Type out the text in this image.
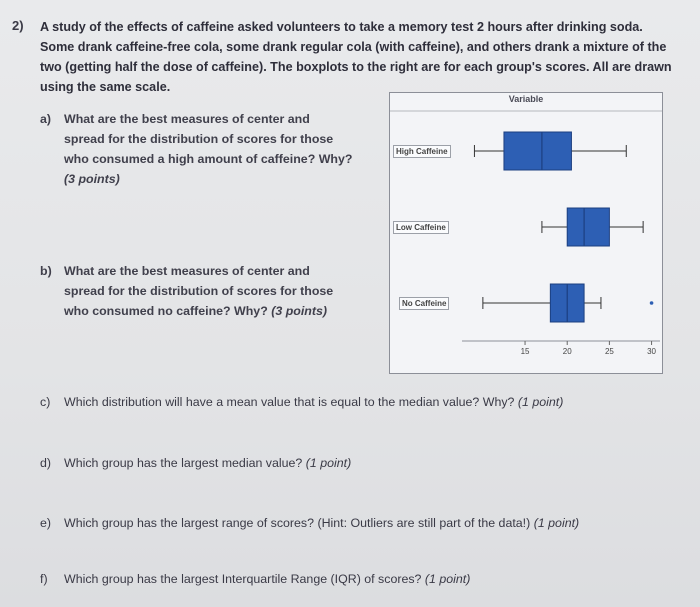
2) A study of the effects of caffeine asked volunteers to take a memory test 2 hours after drinking soda. Some drank caffeine-free cola, some drank regular cola (with caffeine), and others drank a mixture of the two (getting half the dose of caffeine). The boxplots to the right are for each group's scores. All are drawn using the same scale.
a) What are the best measures of center and
spread for the distribution of scores for those
who consumed a high amount of caffeine? Why?
(3 points)
b) What are the best measures of center and
spread for the distribution of scores for those
who consumed no caffeine? Why? (3 points)
c) Which distribution will have a mean value that is equal to the median value? Why? (1 point)
d) Which group has the largest median value? (1 point)
e) Which group has the largest range of scores? (Hint: Outliers are still part of the data!) (1 point)
f) Which group has the largest Interquartile Range (IQR) of scores? (1 point)
Variable
High Caffeine
Low Caffeine
No Caffeine
15	20	25	30
